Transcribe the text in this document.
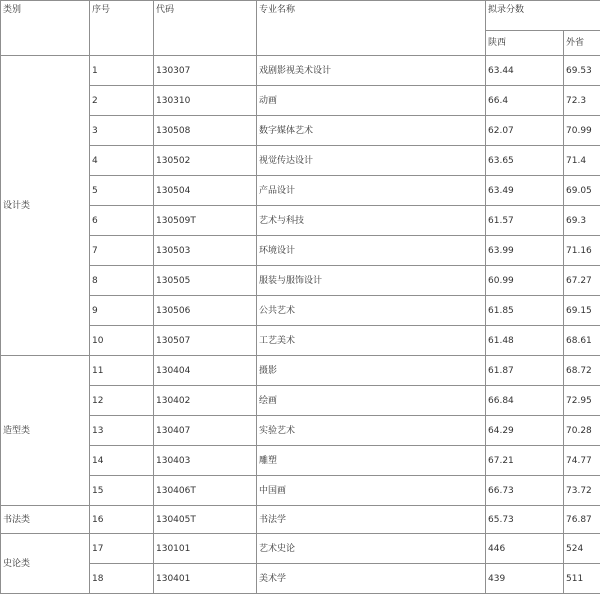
类别	序号	代码	专业名称	拟录分数	
				陕西	外省
设计类	1	130307	戏剧影视美术设计	63.44	69.53
	2	130310	动画	66.4	72.3
	3	130508	数字媒体艺术	62.07	70.99
	4	130502	视觉传达设计	63.65	71.4
	5	130504	产品设计	63.49	69.05
	6	130509T	艺术与科技	61.57	69.3
	7	130503	环境设计	63.99	71.16
	8	130505	服装与服饰设计	60.99	67.27
	9	130506	公共艺术	61.85	69.15
	10	130507	工艺美术	61.48	68.61
造型类	11	130404	摄影	61.87	68.72
	12	130402	绘画	66.84	72.95
	13	130407	实验艺术	64.29	70.28
	14	130403	雕塑	67.21	74.77
	15	130406T	中国画	66.73	73.72
书法类	16	130405T	书法学	65.73	76.87
史论类	17	130101	艺术史论	446	524
	18	130401	美术学	439	511
